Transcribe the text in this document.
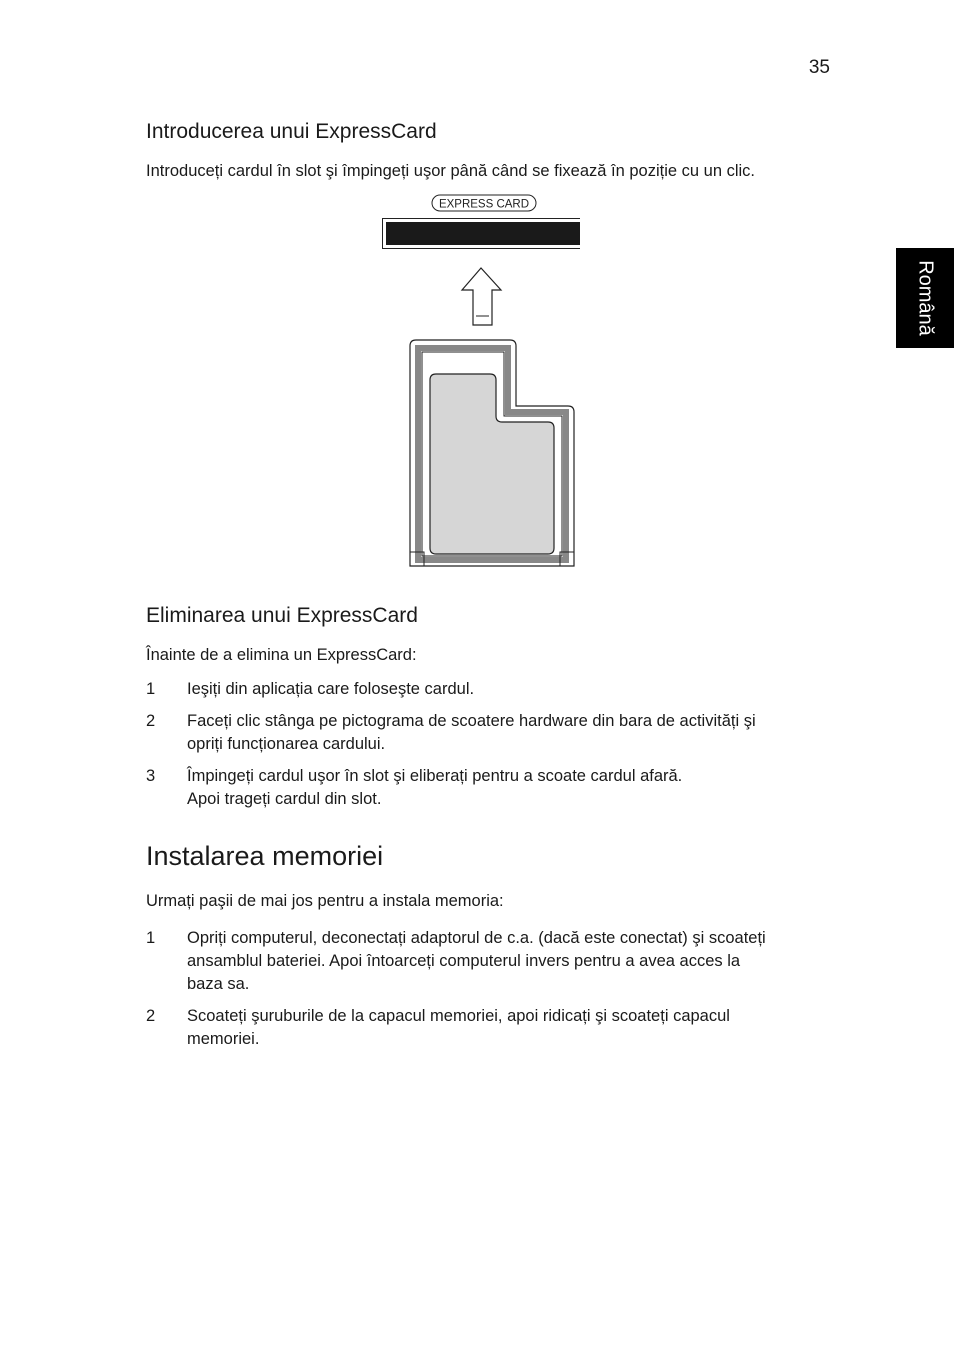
35
Română
Introducerea unui ExpressCard
Introduceți cardul în slot şi împingeți uşor până când se fixează în poziție cu un clic.
EXPRESS CARD
Eliminarea unui ExpressCard
Înainte de a elimina un ExpressCard:
1 Ieşiți din aplicația care foloseşte cardul.
2 Faceți clic stânga pe pictograma de scoatere hardware din bara de activități şi
opriți funcționarea cardului.
3 Împingeți cardul uşor în slot şi eliberați pentru a scoate cardul afară.
Apoi trageți cardul din slot.
Instalarea memoriei
Urmați paşii de mai jos pentru a instala memoria:
1 Opriți computerul, deconectați adaptorul de c.a. (dacă este conectat) şi scoateți
ansamblul bateriei. Apoi întoarceți computerul invers pentru a avea acces la
baza sa.
2 Scoateți şuruburile de la capacul memoriei, apoi ridicați şi scoateți capacul
memoriei.
